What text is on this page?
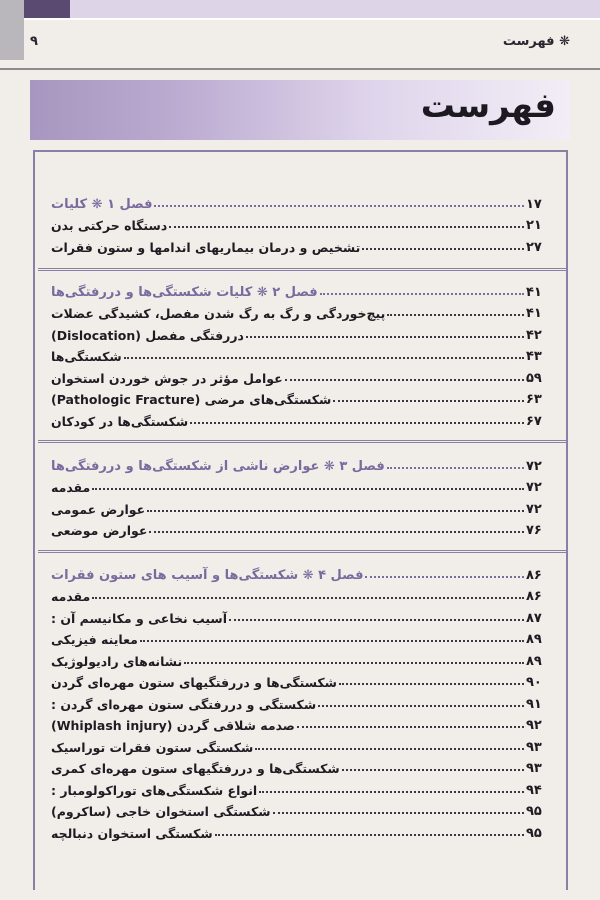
۹	❋ فهرست
فهرست
فصل ۱ ❋ کلیات	۱۷
دستگاه حرکتی بدن	۲۱
تشخیص و درمان بیماریهای اندامها و ستون فقرات	۲۷
فصل ۲ ❋ کلیات شکستگی‌ها و دررفتگی‌ها	۴۱
پیچ‌خوردگی و رگ به رگ شدن مفصل، کشیدگی عضلات	۴۱
دررفتگی مفصل (Dislocation)	۴۲
شکستگی‌ها	۴۳
عوامل مؤثر در جوش خوردن استخوان	۵۹
شکستگی‌های مرضی (Pathologic Fracture)	۶۳
شکستگی‌ها در کودکان	۶۷
فصل ۳ ❋ عوارض ناشی از شکستگی‌ها و دررفتگی‌ها	۷۲
مقدمه	۷۲
عوارض عمومی	۷۲
عوارض موضعی	۷۶
فصل ۴ ❋ شکستگی‌ها و آسیب های ستون فقرات	۸۶
مقدمه	۸۶
آسیب نخاعی و مکانیسم آن :	۸۷
معاینه فیزیکی	۸۹
نشانه‌های رادیولوژیک	۸۹
شکستگی‌ها و دررفتگیهای ستون مهره‌ای گردن	۹۰
شکستگی و دررفتگی ستون مهره‌ای گردن :	۹۱
صدمه شلاقی گردن (Whiplash injury)	۹۲
شکستگی ستون فقرات توراسیک	۹۳
شکستگی‌ها و دررفتگیهای ستون مهره‌ای کمری	۹۳
انواع شکستگی‌های توراکولومبار :	۹۴
شکستگی استخوان خاجی (ساکروم)	۹۵
شکستگی استخوان دنبالچه	۹۵
